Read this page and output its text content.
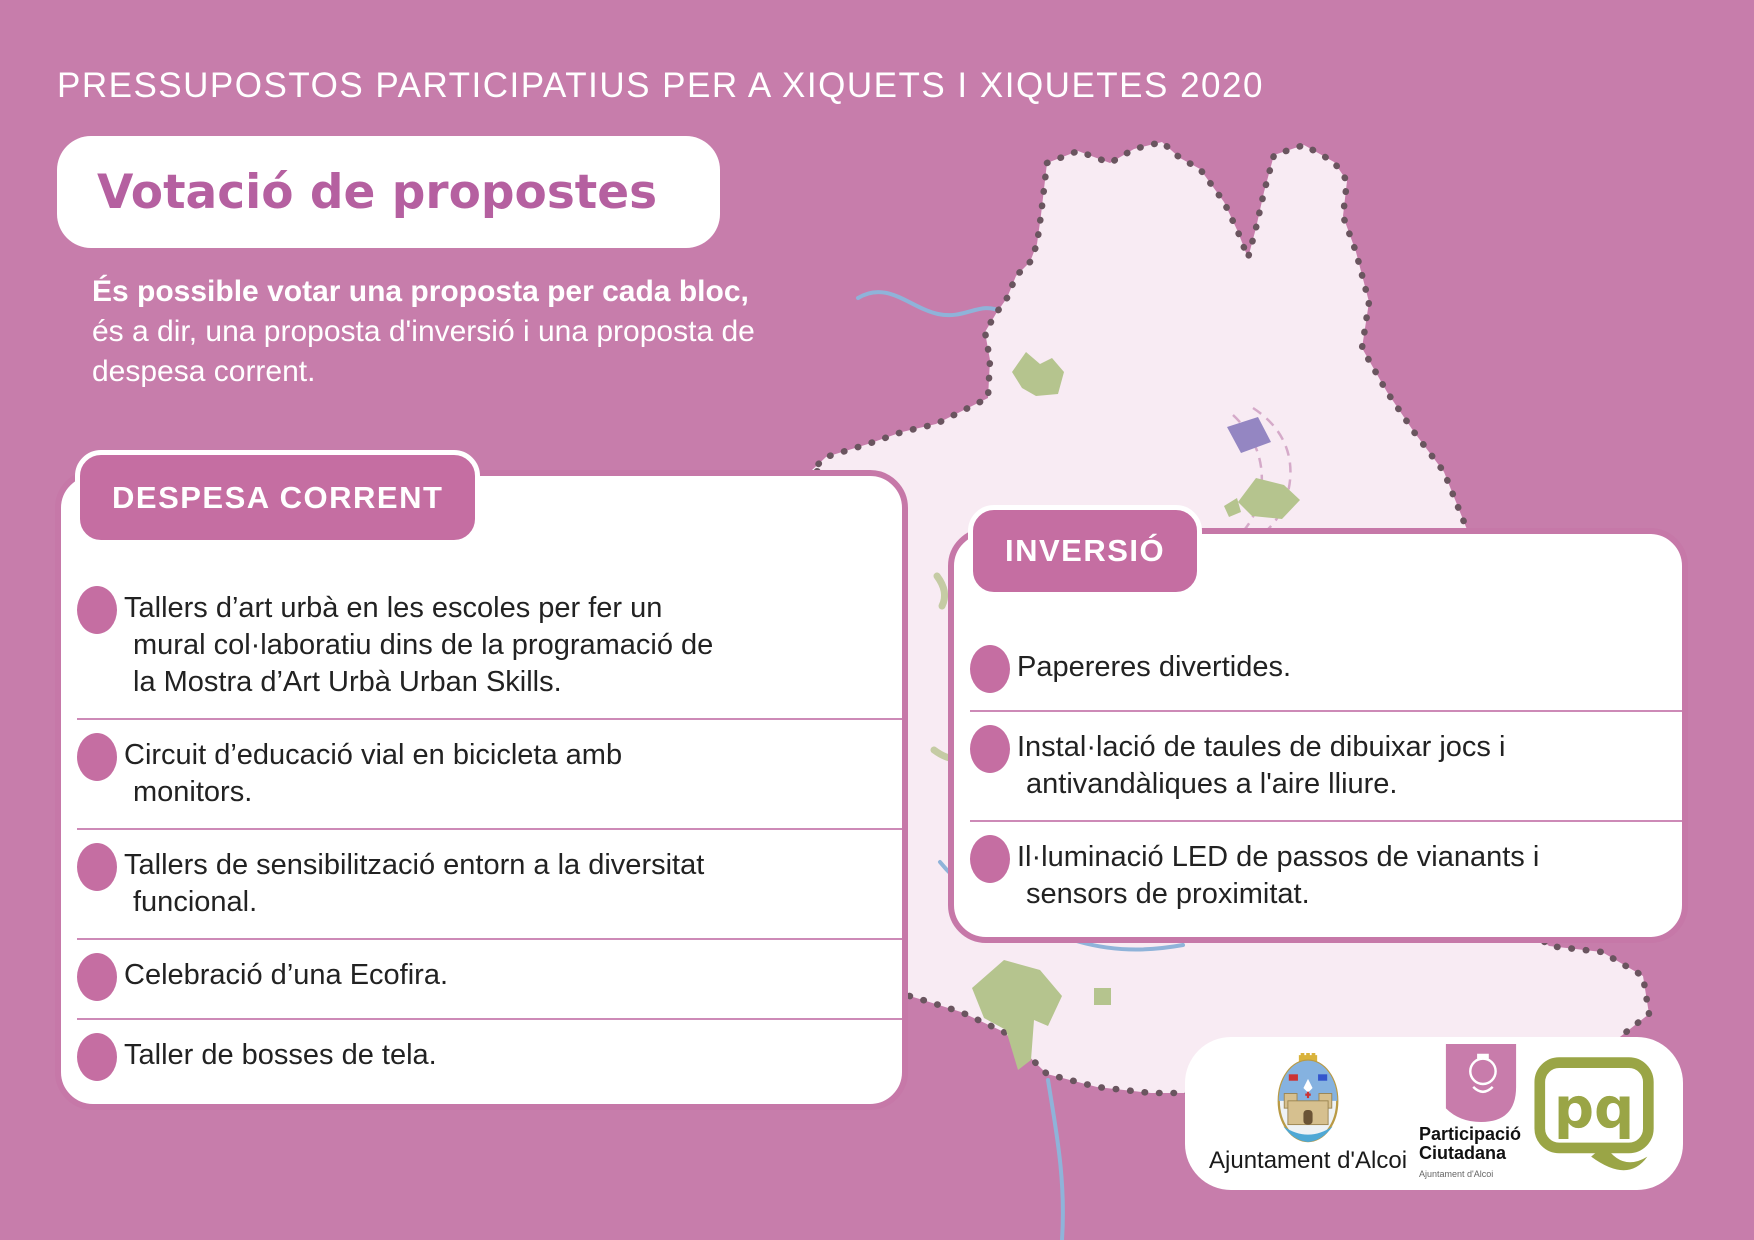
PRESSUPOSTOS PARTICIPATIUS PER A XIQUETS I XIQUETES 2020
Votació de propostes
És possible votar una proposta per cada bloc,
és a dir, una proposta d'inversió i una proposta de
despesa corrent.
Tallers d’art urbà en les escoles per fer un
mural col·laboratiu dins de la programació de
la Mostra d’Art Urbà Urban Skills.
Circuit d’educació vial en bicicleta amb
monitors.
Tallers de sensibilització entorn a la diversitat
funcional.
Celebració d’una Ecofira.
Taller de bosses de tela.
DESPESA CORRENT
Papereres divertides.
Instal·lació de taules de dibuixar jocs i
antivandàliques a l'aire lliure.
Il·luminació LED de passos de vianants i
sensors de proximitat.
INVERSIÓ
Ajuntament d'Alcoi
Participació
Ciutadana
Ajuntament d'Alcoi
pq
